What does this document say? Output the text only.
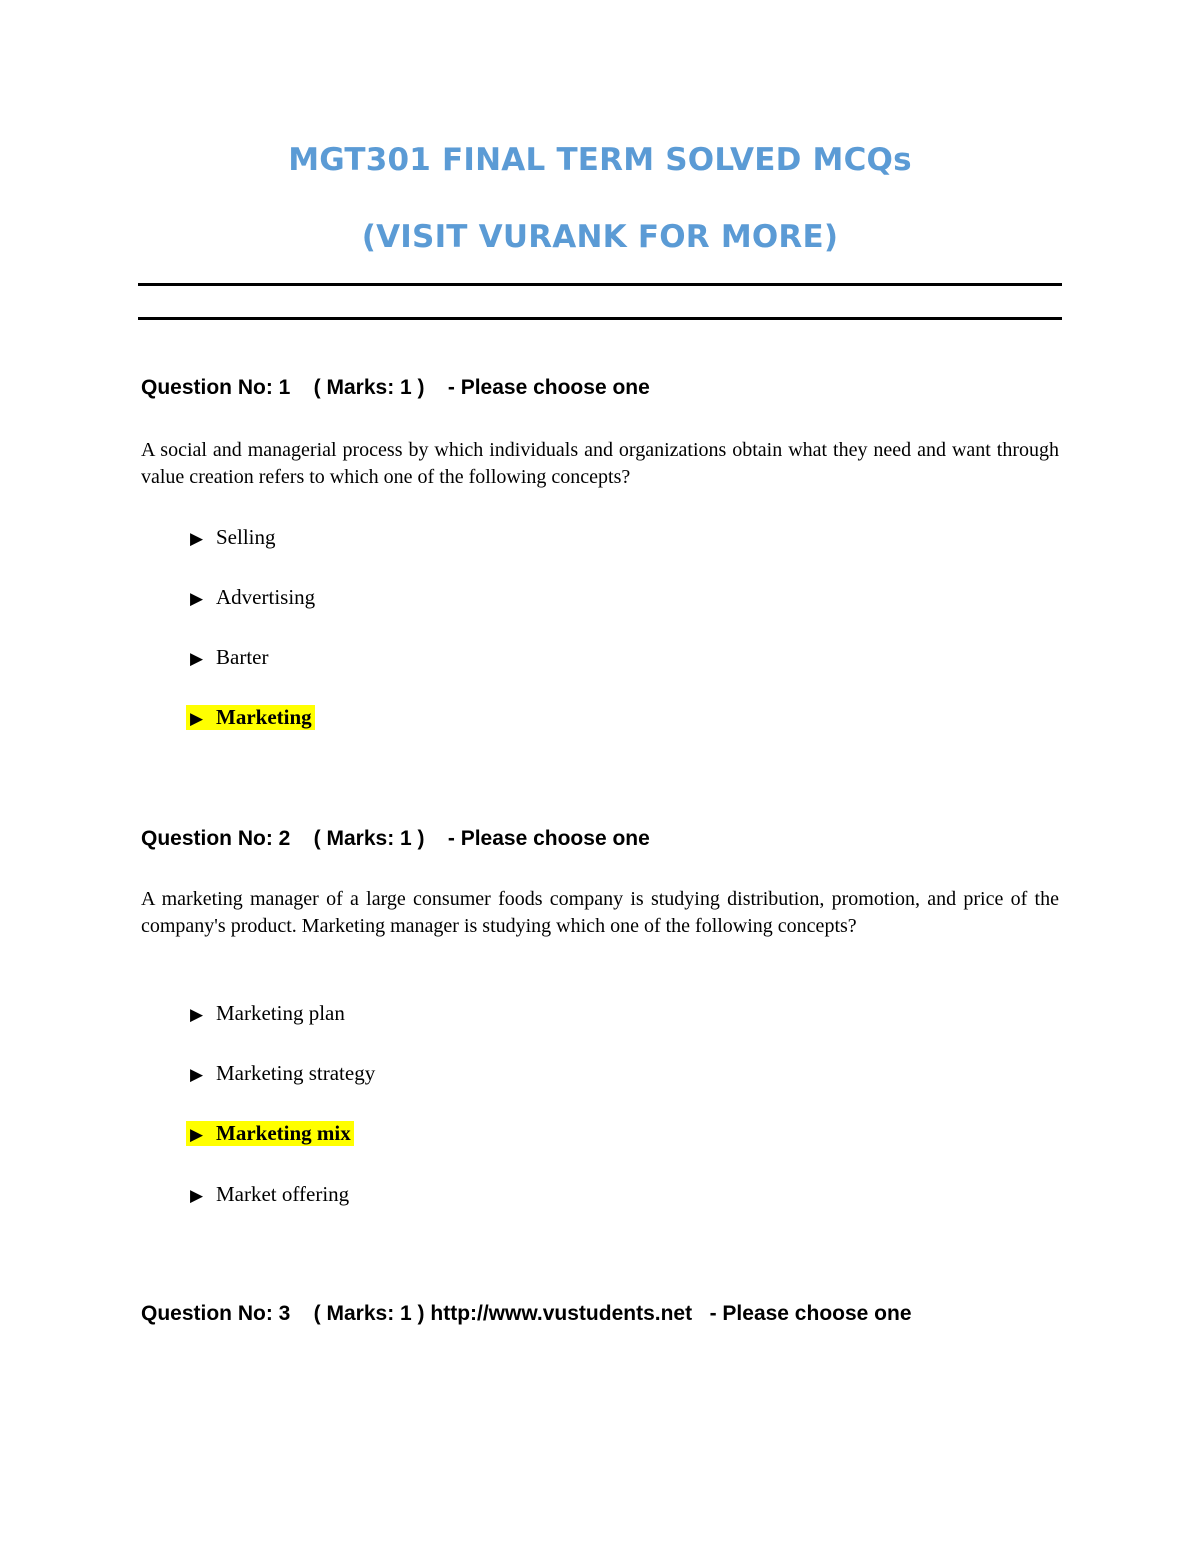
MGT301 FINAL TERM SOLVED MCQs
(VISIT VURANK FOR MORE)
Question No: 1    ( Marks: 1 )    - Please choose one
A social and managerial process by which individuals and organizations obtain what they need and want through value creation refers to which one of the following concepts?
▶ Selling
▶ Advertising
▶ Barter
▶ Marketing
Question No: 2    ( Marks: 1 )    - Please choose one
A marketing manager of a large consumer foods company is studying distribution, promotion, and price of the company's product. Marketing manager is studying which one of the following concepts?
▶ Marketing plan
▶ Marketing strategy
▶ Marketing mix
▶ Market offering
Question No: 3    ( Marks: 1 ) http://www.vustudents.net   - Please choose one
